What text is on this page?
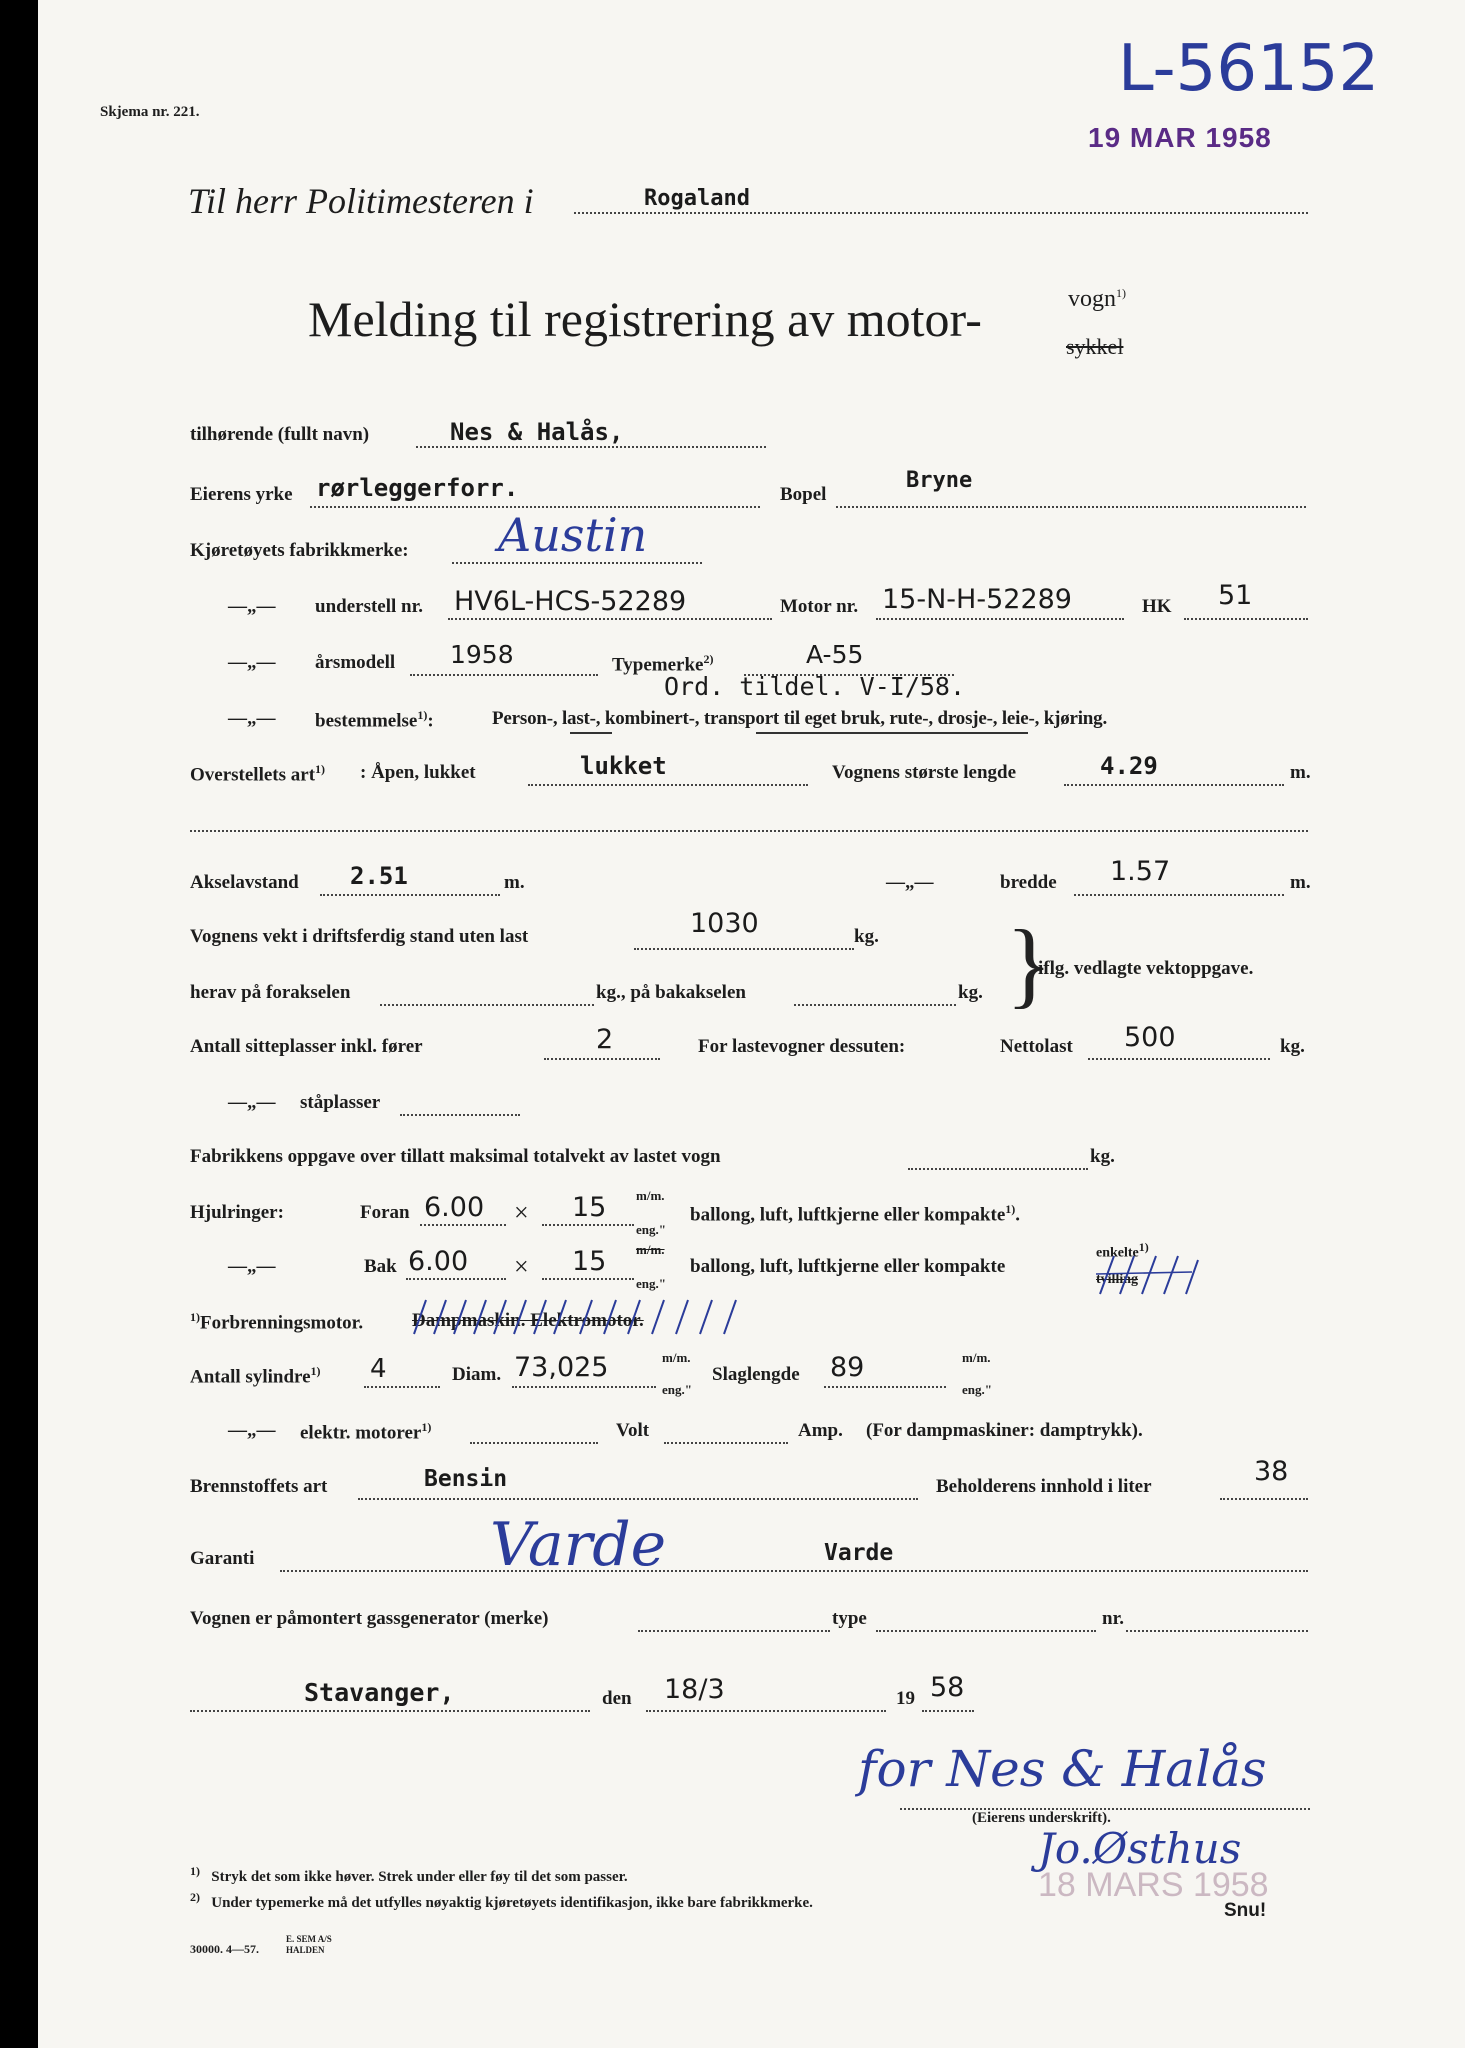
Skjema nr. 221.
L-56152
19 MAR 1958
Til herr Politimesteren i	Rogaland
Melding til registrering av motor-	vogn$^{1)}$
sykkel
tilhørende (fullt navn)	Nes & Halås,
Eierens yrke rørleggerforr.	Bopel
Bryne
Kjøretøyets fabrikkmerke: Austin
—„— understell nr. HV6L-HCS-52289	Motor nr. 15-N-H-52289	HK 51
—„— årsmodell 1958	Typemerke$^{2)}$	A-55
Ord. tildel. V-I/58.
—„— bestemmelse$^{1)}$:	Person-, last-, kombinert-, transport til eget bruk, rute-, drosje-, leie-, kjøring.
Overstellets art$^{1)}$ : Åpen, lukket	lukket	Vognens største lengde	4.29	m.
Akselavstand 2.51	m.	—„—	bredde 1.57	m.
Vognens vekt i driftsferdig stand uten last	1030	kg.
herav på forakselen	kg., på bakakselen	kg. }
iflg. vedlagte vektoppgave.
Antall sitteplasser inkl. fører	2	For lastevogner dessuten:	Nettolast 500	kg.
—„— ståplasser
Fabrikkens oppgave over tillatt maksimal totalvekt av lastet vogn	kg.
Hjulringer:	Foran 6.00 × 15 m/m.
eng."
ballong, luft, luftkjerne eller kompakte$^{1)}$.
—„—	Bak 6.00 × 15 m/m.
eng."
ballong, luft, luftkjerne eller kompakte
enkelte$^{1)}$
tvilling
$^{1)}$Forbrenningsmotor.	Dampmaskin. Elektromotor.
Antall sylindre$^{1)}$ 4	Diam. 73,025	m/m.
eng."
Slaglengde 89	m/m.
eng."
—„— elektr. motorer$^{1)}$	Volt	Amp. (For dampmaskiner: damptrykk).
Brennstoffets art	Bensin	Beholderens innhold i liter	38
Garanti	Varde	Varde
Vognen er påmontert gassgenerator (merke)	type	nr.
Stavanger,	den 18/3	19 58
for Nes & Halås
(Eierens underskrift).
Jo.Østhus
$^{1)}$ Stryk det som ikke høver. Strek under eller føy til det som passer.
$^{2)}$ Under typemerke må det utfylles nøyaktig kjøretøyets identifikasjon, ikke bare fabrikkmerke.
30000. 4—57.
E. SEM A/S HALDEN
18 MARS 1958
Snu!
